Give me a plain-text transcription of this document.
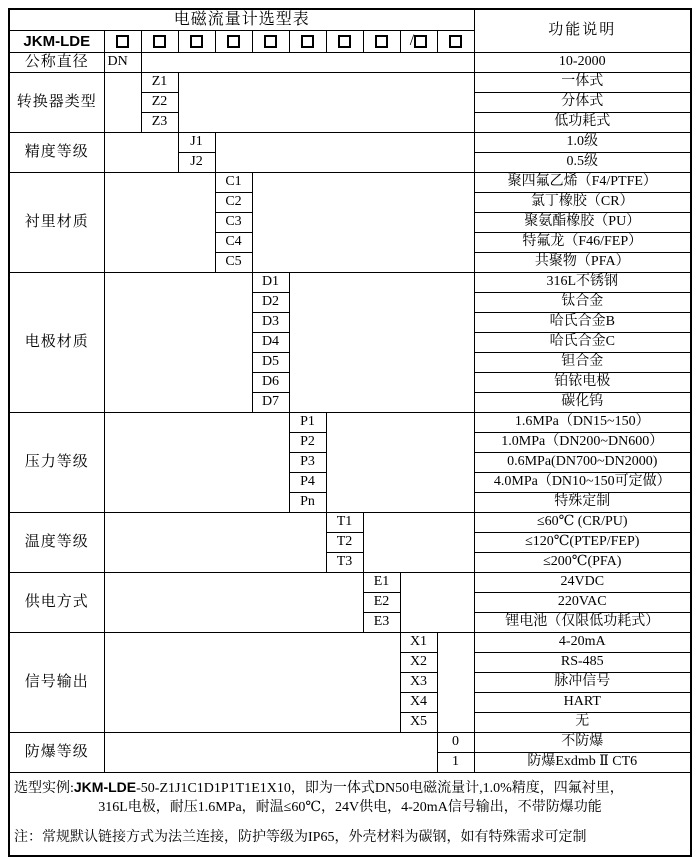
电磁流量计选型表											功能说明
JKM-LDE									/		
公称直径	DN										10-2000
转换器类型		Z1									一体式
		Z2									分体式
		Z3									低功耗式
精度等级			J1								1.0级
			J2								0.5级
衬里材质				C1							聚四氟乙烯（F4/PTFE）
				C2							氯丁橡胶（CR）
				C3							聚氨酯橡胶（PU）
				C4							特氟龙（F46/FEP）
				C5							共聚物（PFA）
电极材质					D1						316L不锈钢
					D2						钛合金
					D3						哈氏合金B
					D4						哈氏合金C
					D5						钽合金
					D6						铂铱电极
					D7						碳化钨
压力等级						P1					1.6MPa（DN15~150）
						P2					1.0MPa（DN200~DN600）
						P3					0.6MPa(DN700~DN2000)
						P4					4.0MPa（DN10~150可定做）
						Pn					特殊定制
温度等级							T1				≤60℃ (CR/PU)
							T2				≤120℃(PTEP/FEP)
							T3				≤200℃(PFA)
供电方式								E1			24VDC
								E2			220VAC
								E3			锂电池（仅限低功耗式）
信号输出									X1		4-20mA
									X2		RS-485
									X3		脉冲信号
									X4		HART
									X5		无
防爆等级										0	不防爆
										1	防爆Exdmb Ⅱ CT6

选型实例:JKM-LDE-50-Z1J1C1D1P1T1E1X10，即为一体式DN50电磁流量计,1.0%精度，四氟衬里，
316L电极，耐压1.6MPa，耐温≤60℃，24V供电，4-20mA信号输出，不带防爆功能
注：常规默认链接方式为法兰连接，防护等级为IP65，外壳材料为碳钢，如有特殊需求可定制											
